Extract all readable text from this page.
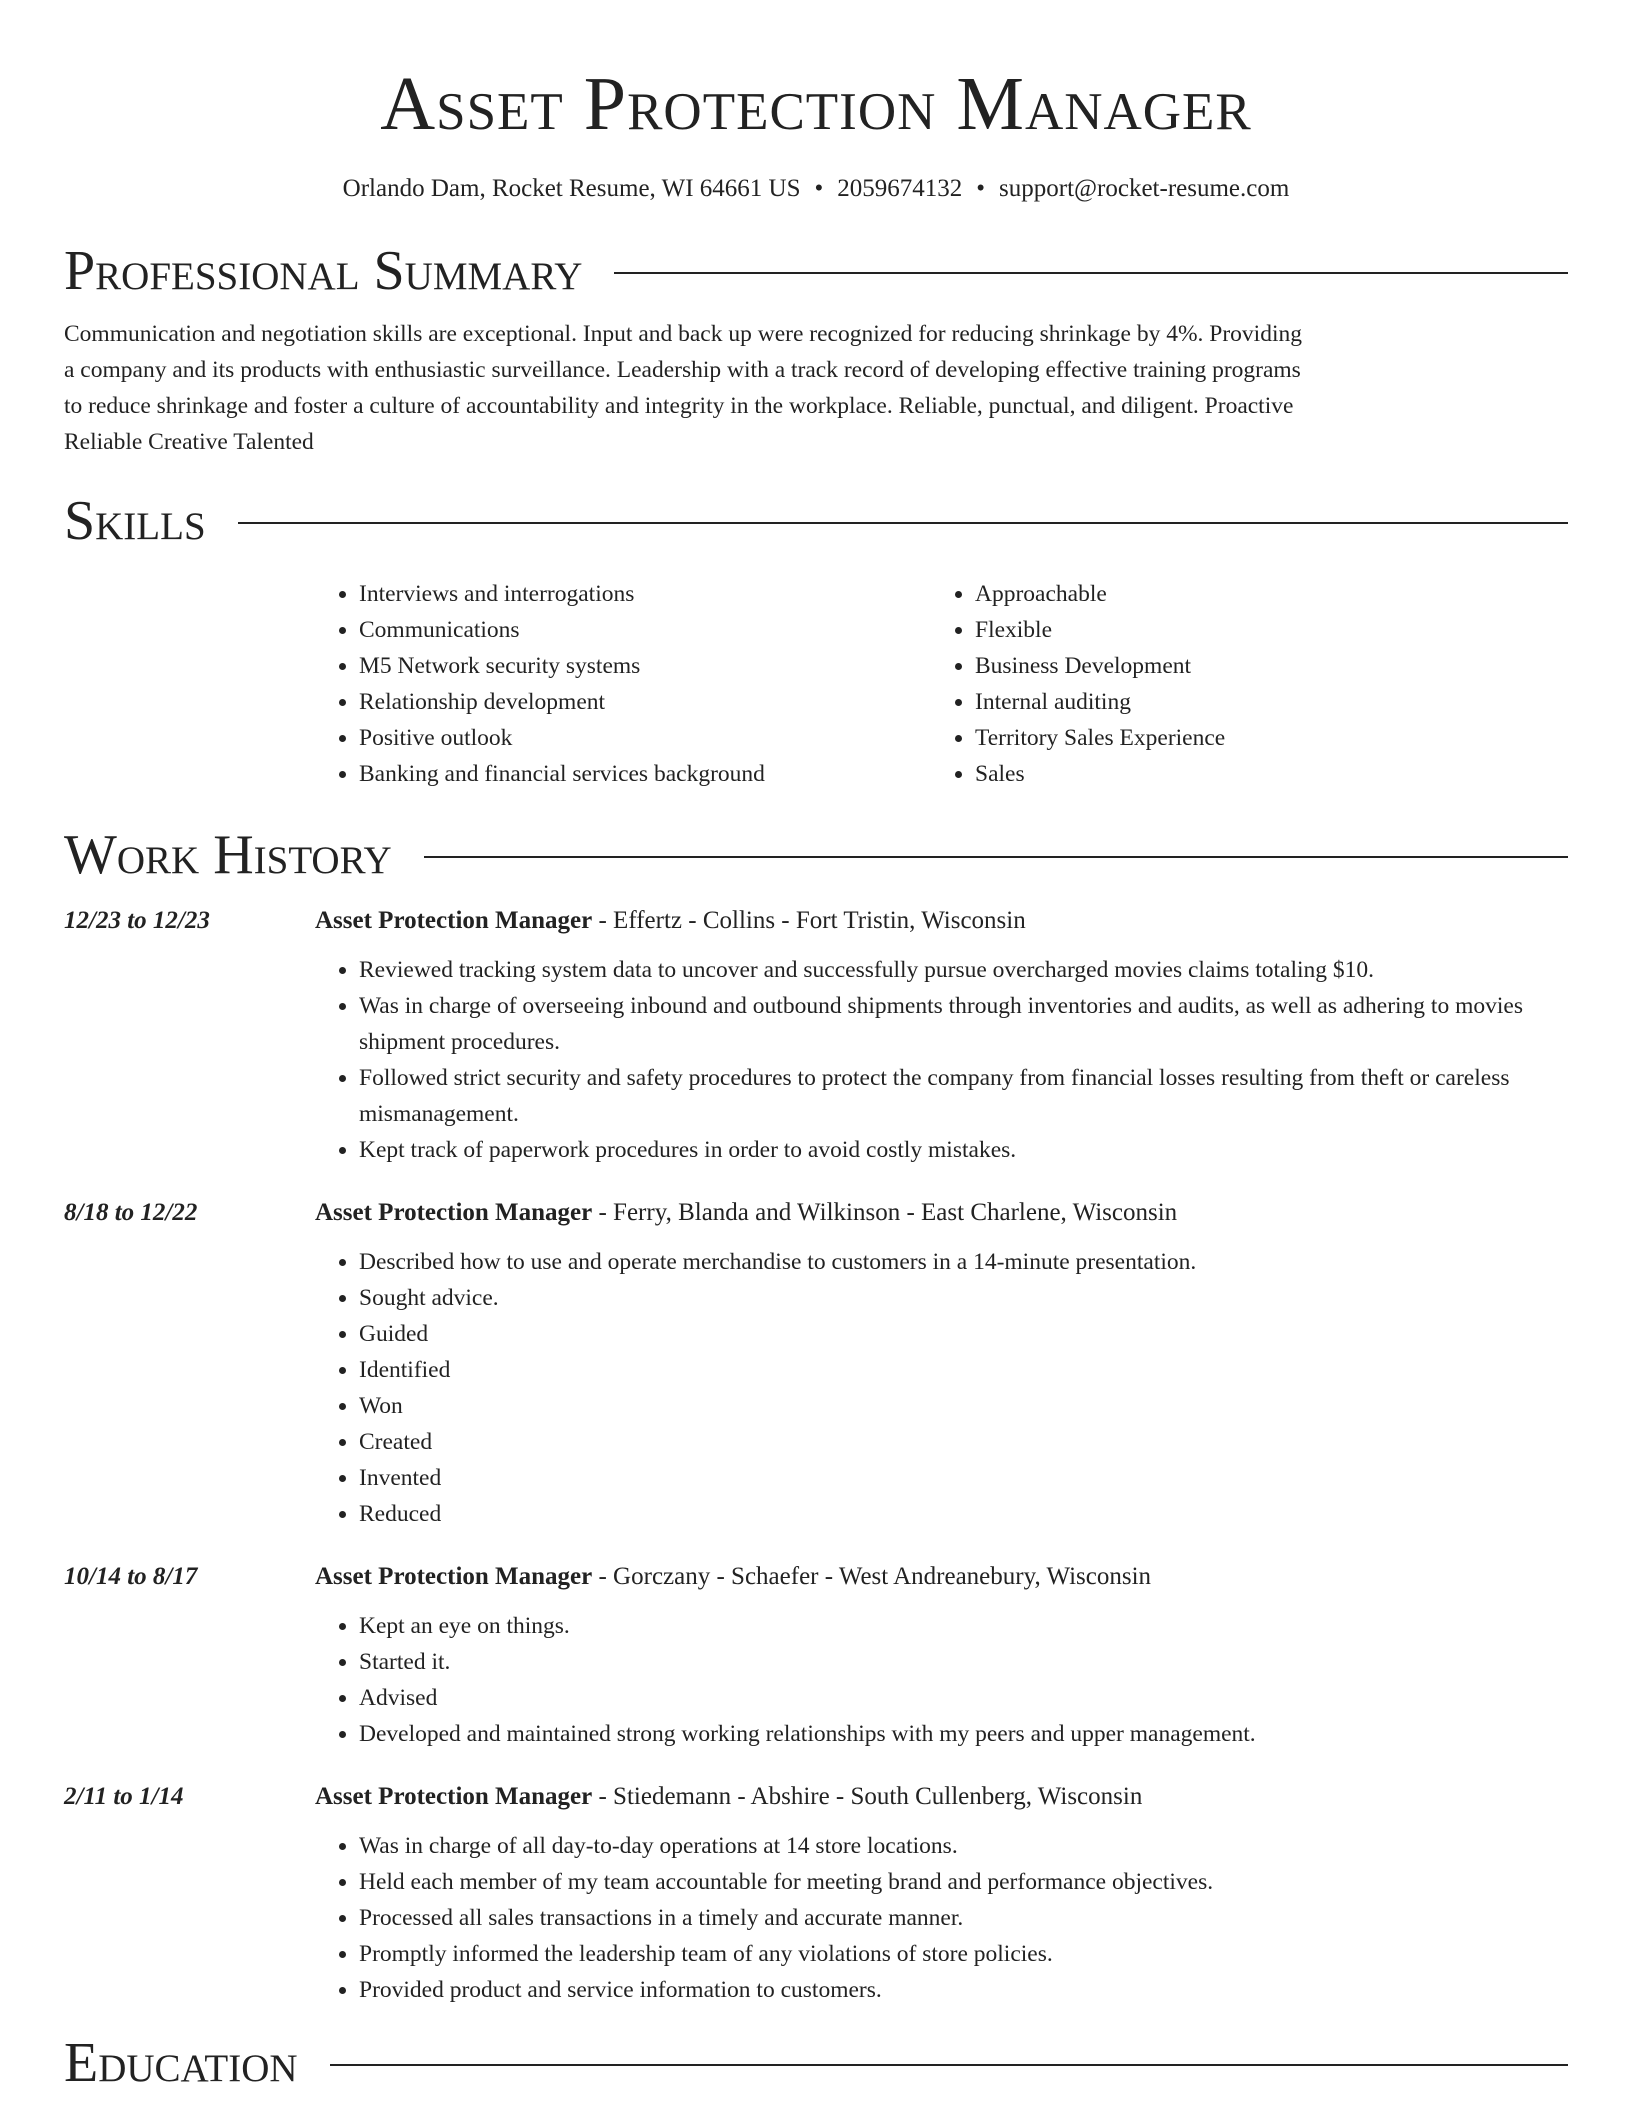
Asset Protection Manager
Orlando Dam, Rocket Resume, WI 64661 US • 2059674132 • support@rocket-resume.com
Professional Summary

Communication and negotiation skills are exceptional. Input and back up were recognized for reducing shrinkage by 4%. Providing a company and its products with enthusiastic surveillance. Leadership with a track record of developing effective training programs to reduce shrinkage and foster a culture of accountability and integrity in the workplace. Reliable, punctual, and diligent. Proactive Reliable Creative Talented

Skills
• Interviews and interrogations
• Communications
• M5 Network security systems
• Relationship development
• Positive outlook
• Banking and financial services background
• Approachable
• Flexible
• Business Development
• Internal auditing
• Territory Sales Experience
• Sales
Work History
12/23 to 12/23	Asset Protection Manager - Effertz - Collins - Fort Tristin, Wisconsin
• Reviewed tracking system data to uncover and successfully pursue overcharged movies claims totaling $10.
• Was in charge of overseeing inbound and outbound shipments through inventories and audits, as well as adhering to movies shipment procedures.
• Followed strict security and safety procedures to protect the company from financial losses resulting from theft or careless mismanagement.
• Kept track of paperwork procedures in order to avoid costly mistakes.
8/18 to 12/22	Asset Protection Manager - Ferry, Blanda and Wilkinson - East Charlene, Wisconsin
• Described how to use and operate merchandise to customers in a 14-minute presentation.
• Sought advice.
• Guided
• Identified
• Won
• Created
• Invented
• Reduced
10/14 to 8/17	Asset Protection Manager - Gorczany - Schaefer - West Andreanebury, Wisconsin
• Kept an eye on things.
• Started it.
• Advised
• Developed and maintained strong working relationships with my peers and upper management.
2/11 to 1/14	Asset Protection Manager - Stiedemann - Abshire - South Cullenberg, Wisconsin
• Was in charge of all day-to-day operations at 14 store locations.
• Held each member of my team accountable for meeting brand and performance objectives.
• Processed all sales transactions in a timely and accurate manner.
• Promptly informed the leadership team of any violations of store policies.
• Provided product and service information to customers.
Education
